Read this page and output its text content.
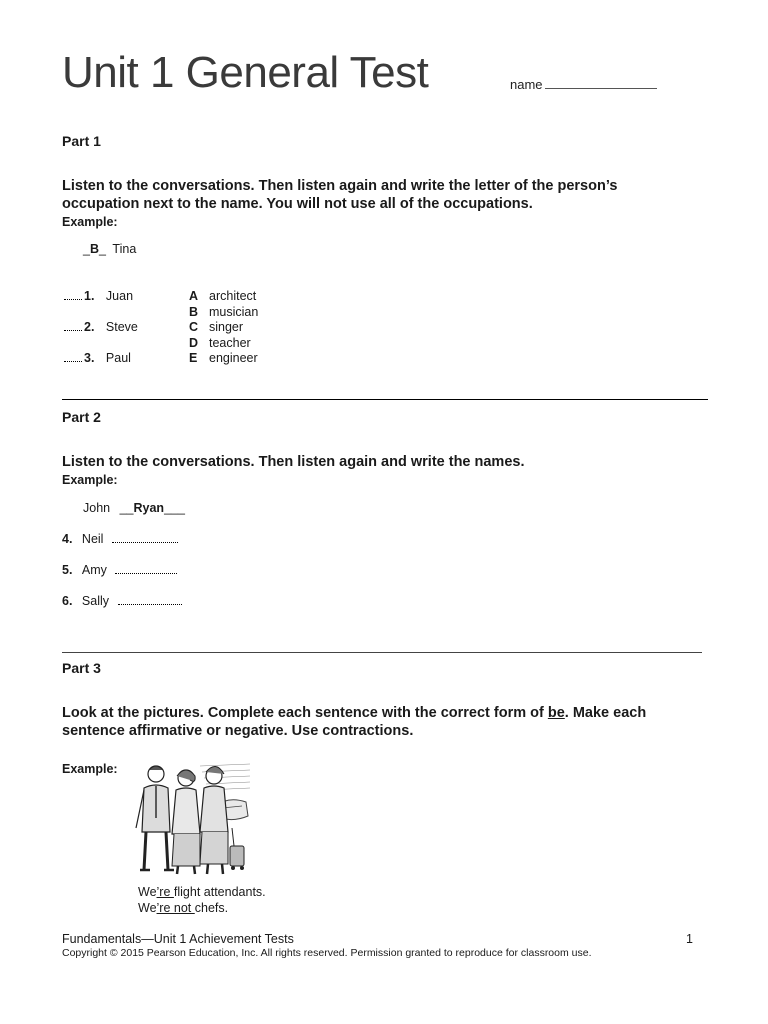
Unit 1 General Test	name
Part 1
Listen to the conversations. Then listen again and write the letter of the person’s
occupation next to the name. You will not use all of the occupations.
Example:
_B_ Tina
1. Juan
2. Steve
3. Paul
A architect
B musician
C singer
D teacher
E engineer
Part 2
Listen to the conversations. Then listen again and write the names.
Example:
John __Ryan___
4. Neil
5. Amy
6. Sally
Part 3
Look at the pictures. Complete each sentence with the correct form of be. Make each
sentence affirmative or negative. Use contractions.
Example:
We’re flight attendants.
We’re not chefs.
Fundamentals—Unit 1 Achievement Tests
Copyright © 2015 Pearson Education, Inc. All rights reserved. Permission granted to reproduce for classroom use.
1
